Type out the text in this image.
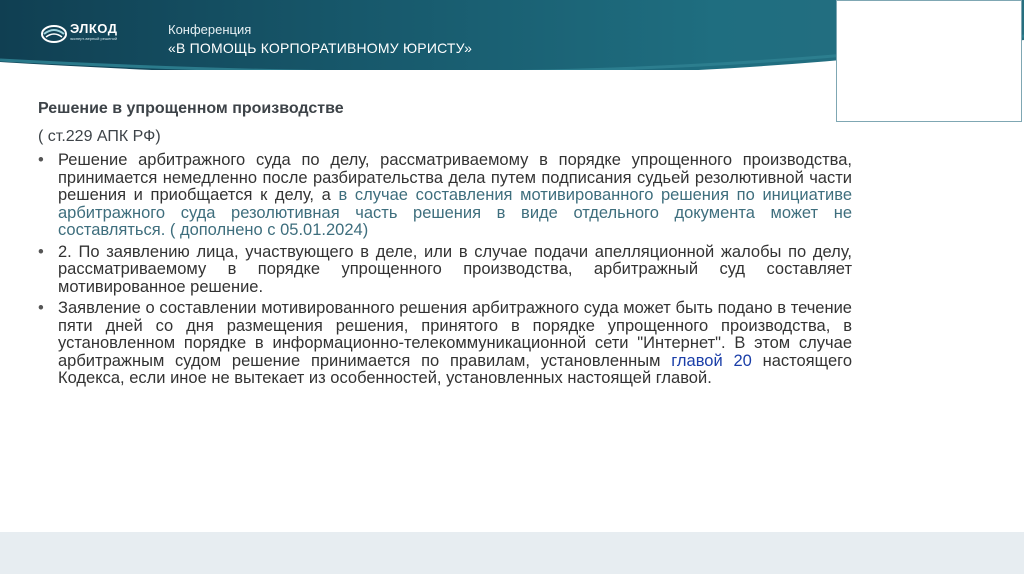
ЭЛКОД
эксперт-верный решений
Конференция
«В ПОМОЩЬ КОРПОРАТИВНОМУ ЮРИСТУ»
Решение в упрощенном производстве
( ст.229 АПК РФ)
• Решение арбитражного суда по делу, рассматриваемому в порядке упрощенного производства, принимается немедленно после разбирательства дела путем подписания судьей резолютивной части решения и приобщается к делу, а в случае составления мотивированного решения по инициативе арбитражного суда резолютивная часть решения в виде отдельного документа может не составляться. ( дополнено с 05.01.2024)
• 2. По заявлению лица, участвующего в деле, или в случае подачи апелляционной жалобы по делу, рассматриваемому в порядке упрощенного производства, арбитражный суд составляет мотивированное решение.
• Заявление о составлении мотивированного решения арбитражного суда может быть подано в течение пяти дней со дня размещения решения, принятого в порядке упрощенного производства, в установленном порядке в информационно-телекоммуникационной сети "Интернет". В этом случае арбитражным судом решение принимается по правилам, установленным главой 20 настоящего Кодекса, если иное не вытекает из особенностей, установленных настоящей главой.
